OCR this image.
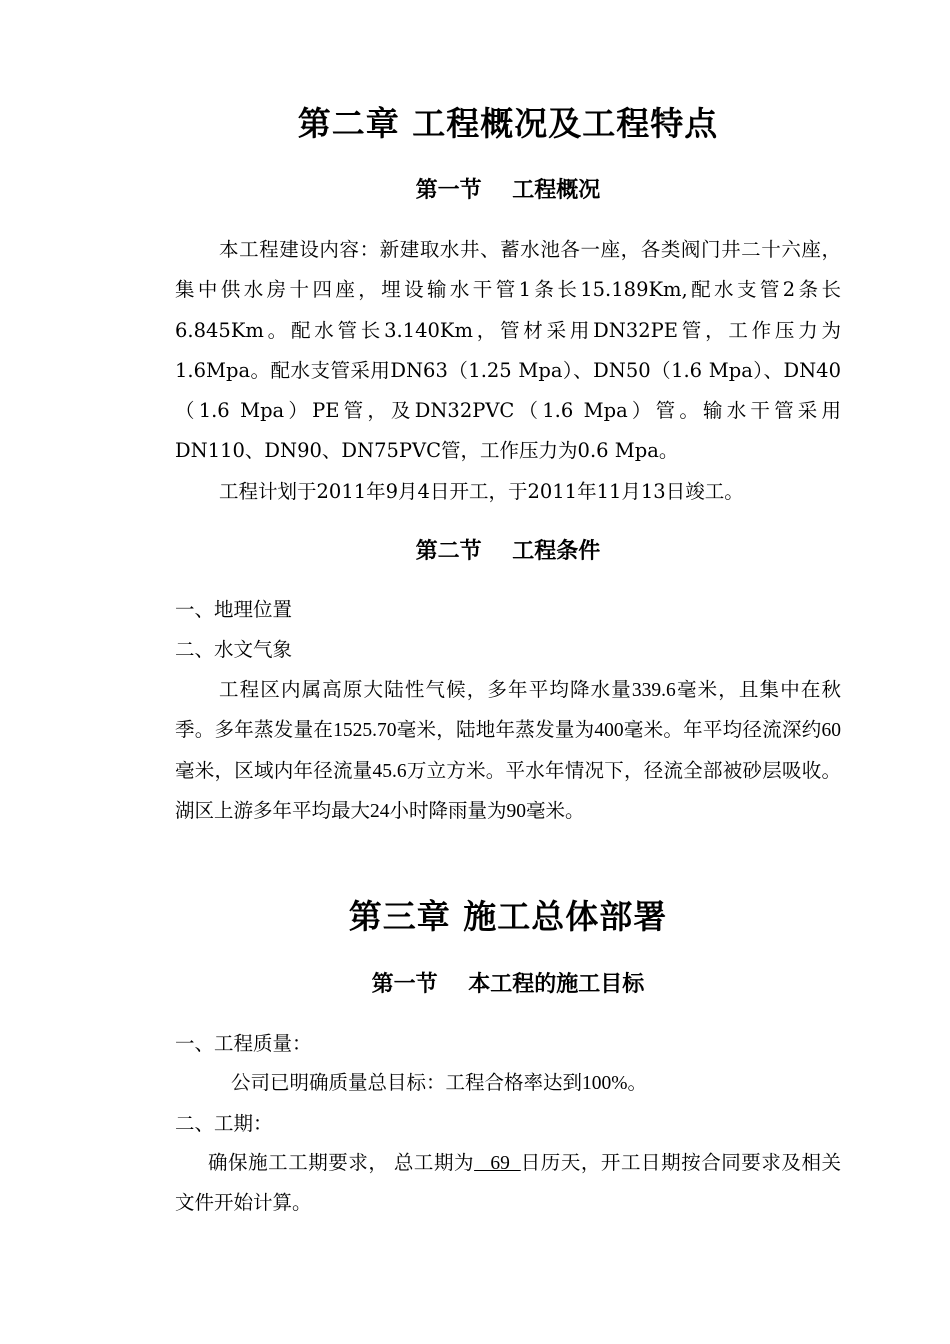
第二章 工程概况及工程特点
第一节    工程概况
本工程建设内容：新建取水井、蓄水池各一座，各类阀门井二十六座，集中供水房十四座，埋设输水干管1条长15.189Km,配水支管2条长6.845Km。配水管长3.140Km，管材采用DN32PE管，工作压力为1.6Mpa。配水支管采用DN63（1.25 Mpa）、DN50（1.6 Mpa）、DN40（1.6 Mpa）PE管，及DN32PVC（1.6 Mpa）管。输水干管采用DN110、DN90、DN75PVC管，工作压力为0.6 Mpa。
工程计划于2011年9月4日开工，于2011年11月13日竣工。
第二节    工程条件
一、地理位置
二、水文气象
工程区内属高原大陆性气候，多年平均降水量339.6毫米，且集中在秋季。多年蒸发量在1525.70毫米，陆地年蒸发量为400毫米。年平均径流深约60毫米，区域内年径流量45.6万立方米。平水年情况下，径流全部被砂层吸收。湖区上游多年平均最大24小时降雨量为90毫米。
第三章 施工总体部署
第一节    本工程的施工目标
一、工程质量：
公司已明确质量总目标：工程合格率达到100%。
二、工期：
确保施工工期要求， 总工期为   69  日历天，开工日期按合同要求及相关文件开始计算。
